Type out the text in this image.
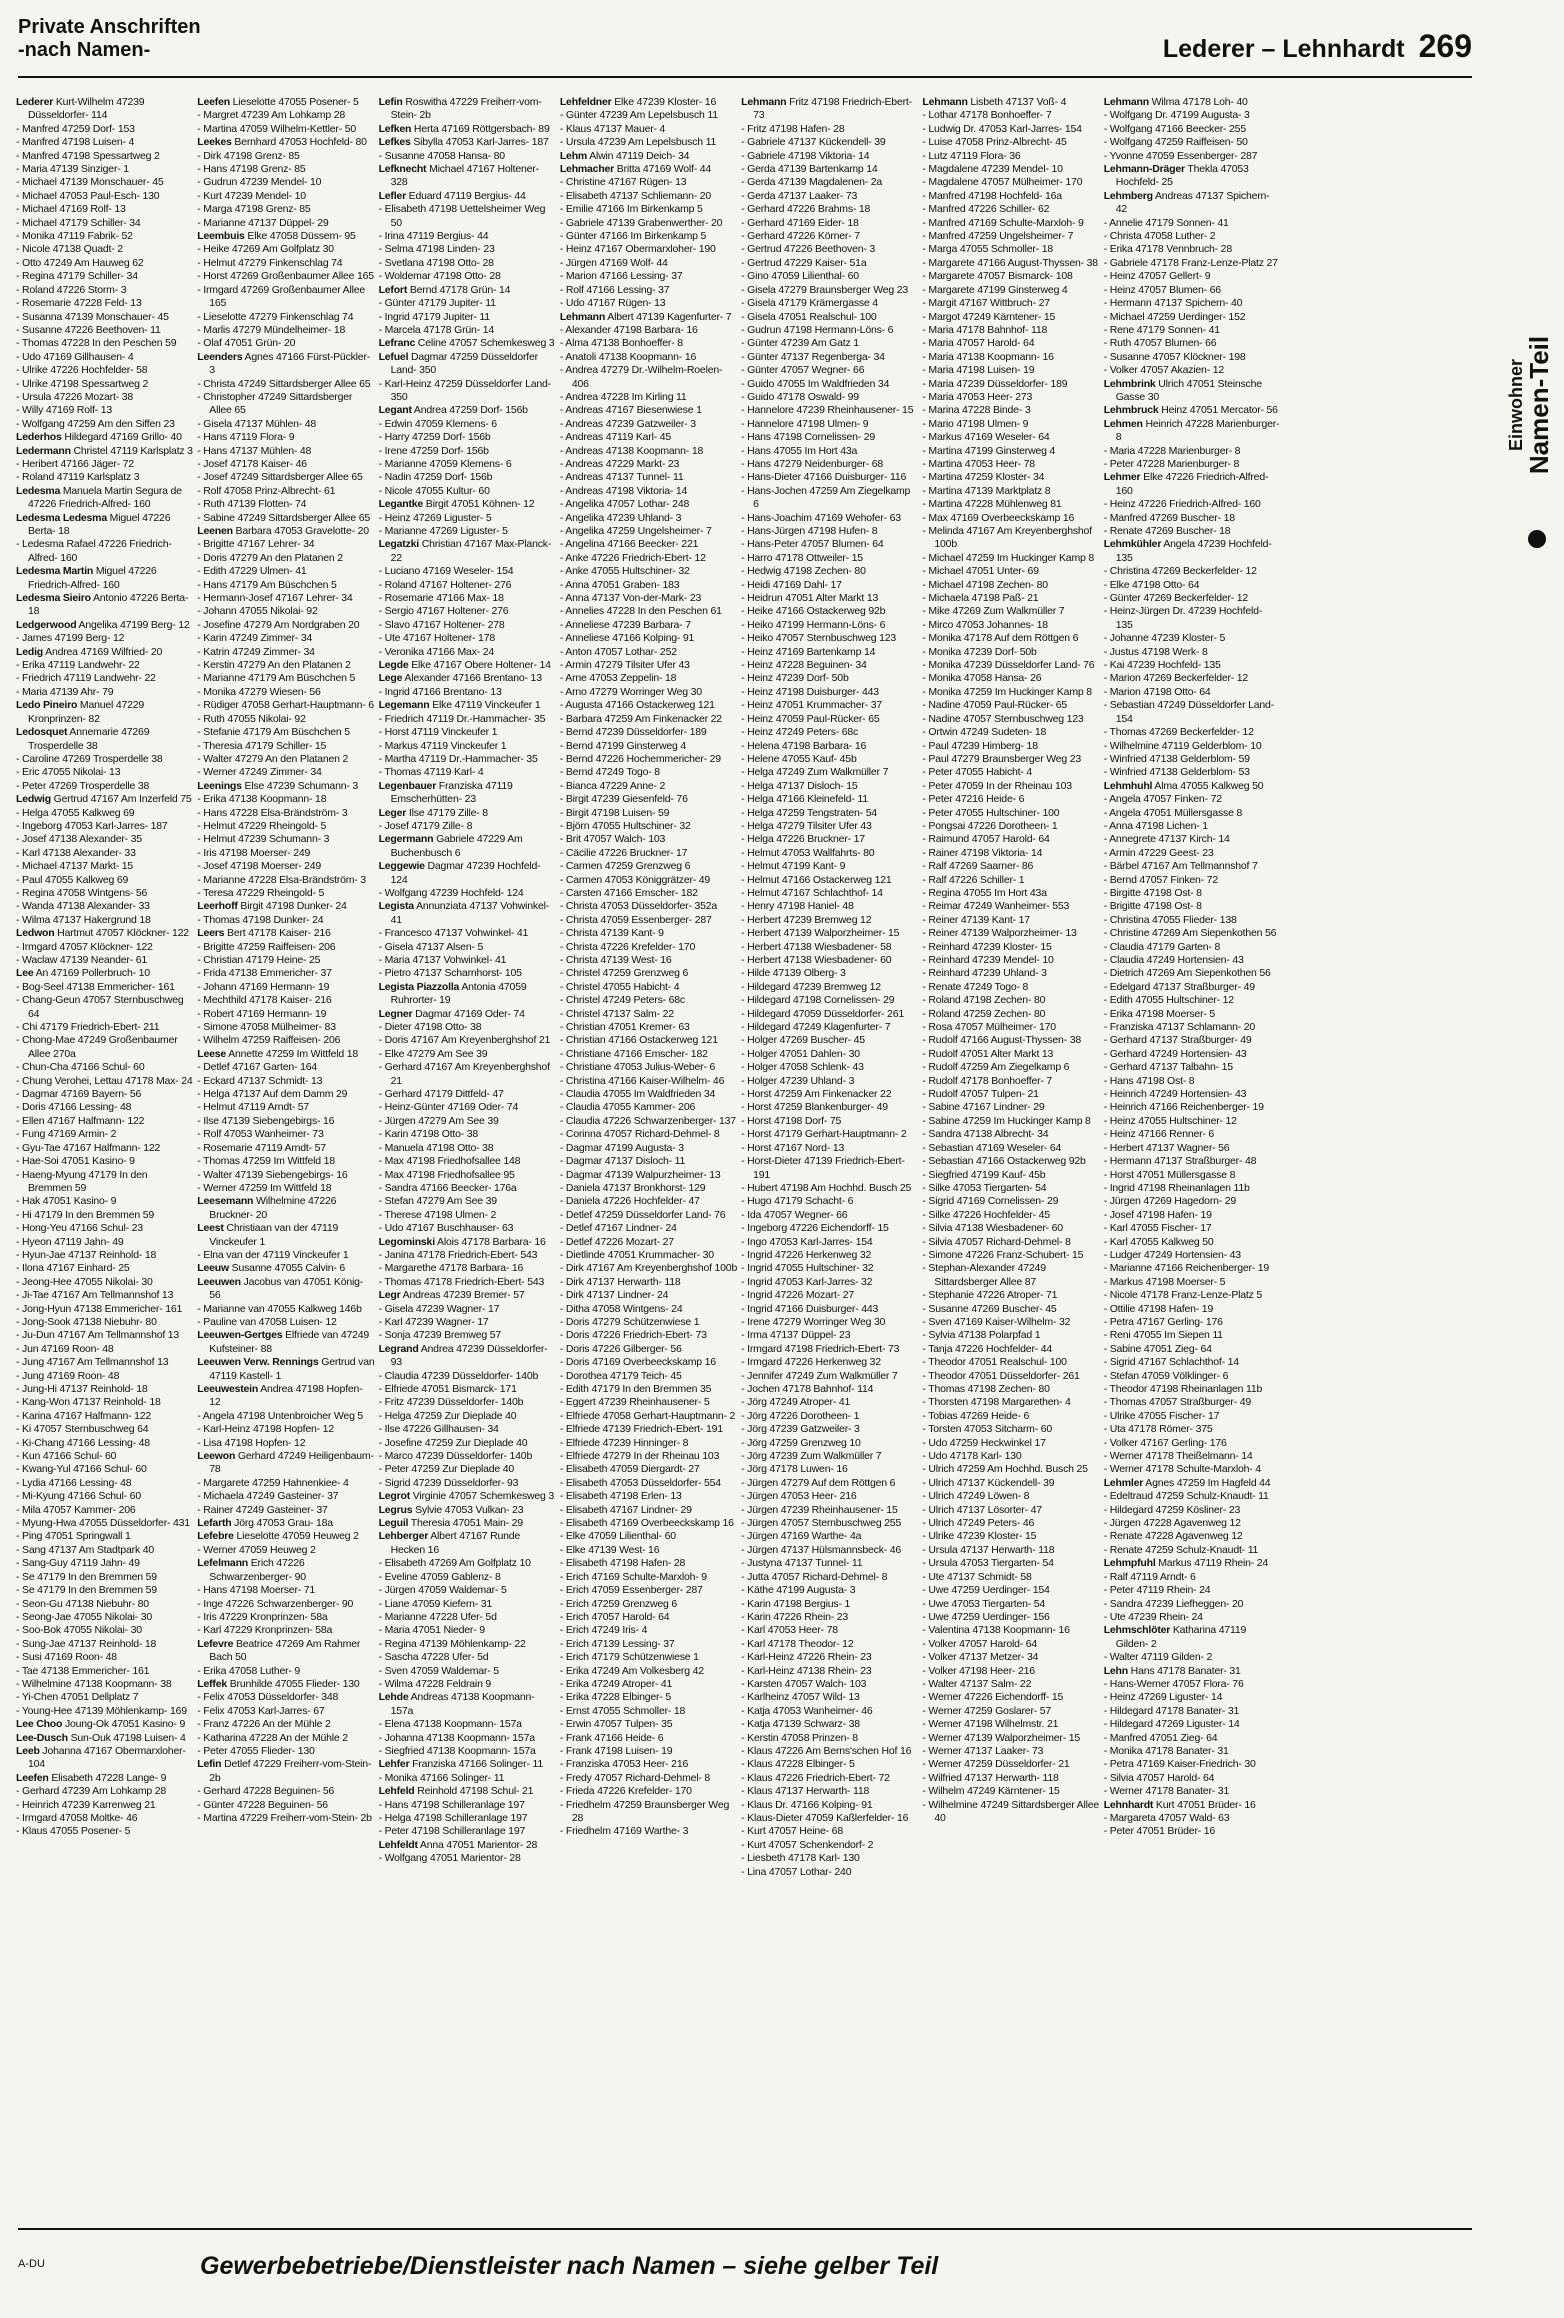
Private Anschriften
-nach Namen-	Lederer – Lehnhardt 269

Lederer Kurt-Wilhelm 47239 Düsseldorfer- 114

- Manfred 47259 Dorf- 153

- Manfred 47198 Luisen- 4

- Manfred 47198 Spessartweg 2

- Maria 47139 Sinziger- 1

- Michael 47139 Monschauer- 45

- Michael 47053 Paul-Esch- 130

- Michael 47169 Rolf- 13

- Michael 47179 Schiller- 34

- Monika 47119 Fabrik- 52

- Nicole 47138 Quadt- 2

- Otto 47249 Am Hauweg 62

- Regina 47179 Schiller- 34

- Roland 47226 Storm- 3

- Rosemarie 47228 Feld- 13

- Susanna 47139 Monschauer- 45

- Susanne 47226 Beethoven- 11

- Thomas 47228 In den Peschen 59

- Udo 47169 Gillhausen- 4

- Ulrike 47226 Hochfelder- 58

- Ulrike 47198 Spessartweg 2

- Ursula 47226 Mozart- 38

- Willy 47169 Rolf- 13

- Wolfgang 47259 Am den Siffen 23

Lederhos Hildegard 47169 Grillo- 40

Ledermann Christel 47119 Karlsplatz 3

- Heribert 47166 Jäger- 72

- Roland 47119 Karlsplatz 3

Ledesma Manuela Martin Segura de 47226 Friedrich-Alfred- 160

Ledesma Ledesma Miguel 47226 Berta- 18

- Ledesma Rafael 47226 Friedrich-Alfred- 160

Ledesma Martin Miguel 47226 Friedrich-Alfred- 160

Ledesma Sieiro Antonio 47226 Berta- 18

Ledgerwood Angelika 47199 Berg- 12

- James 47199 Berg- 12

Ledig Andrea 47169 Wilfried- 20

- Erika 47119 Landwehr- 22

- Friedrich 47119 Landwehr- 22

- Maria 47139 Ahr- 79

Ledo Pineiro Manuel 47229 Kronprinzen- 82

Ledosquet Annemarie 47269 Trosperdelle 38

- Caroline 47269 Trosperdelle 38

- Eric 47055 Nikolai- 13

- Peter 47269 Trosperdelle 38

Ledwig Gertrud 47167 Am Inzerfeld 75

- Helga 47055 Kalkweg 69

- Ingeborg 47053 Karl-Jarres- 187

- Josef 47138 Alexander- 35

- Karl 47138 Alexander- 33

- Michael 47137 Markt- 15

- Paul 47055 Kalkweg 69

- Regina 47058 Wintgens- 56

- Wanda 47138 Alexander- 33

- Wilma 47137 Hakergrund 18

Ledwon Hartmut 47057 Klöckner- 122

- Irmgard 47057 Klöckner- 122

- Waclaw 47139 Neander- 61

Lee An 47169 Pollerbruch- 10

- Bog-Seel 47138 Emmericher- 161

- Chang-Geun 47057 Sternbuschweg 64

- Chi 47179 Friedrich-Ebert- 211

- Chong-Mae 47249 Großenbaumer Allee 270a

- Chun-Cha 47166 Schul- 60

- Chung Verohei, Lettau 47178 Max- 24

- Dagmar 47169 Bayern- 56

- Doris 47166 Lessing- 48

- Ellen 47167 Halfmann- 122

- Fung 47169 Armin- 2

- Gyu-Tae 47167 Halfmann- 122

- Hae-Soi 47051 Kasino- 9

- Haeng-Myung 47179 In den Bremmen 59

- Hak 47051 Kasino- 9

- Hi 47179 In den Bremmen 59

- Hong-Yeu 47166 Schul- 23

- Hyeon 47119 Jahn- 49

- Hyun-Jae 47137 Reinhold- 18

- Ilona 47167 Einhard- 25

- Jeong-Hee 47055 Nikolai- 30

- Ji-Tae 47167 Am Tellmannshof 13

- Jong-Hyun 47138 Emmericher- 161

- Jong-Sook 47138 Niebuhr- 80

- Ju-Dun 47167 Am Tellmannshof 13

- Jun 47169 Roon- 48

- Jung 47167 Am Tellmannshof 13

- Jung 47169 Roon- 48

- Jung-Hi 47137 Reinhold- 18

- Kang-Won 47137 Reinhold- 18

- Karina 47167 Halfmann- 122

- Ki 47057 Sternbuschweg 64

- Ki-Chang 47166 Lessing- 48

- Kun 47166 Schul- 60

- Kwang-Yul 47166 Schul- 60

- Lydia 47166 Lessing- 48

- Mi-Kyung 47166 Schul- 60

- Mila 47057 Kammer- 206

- Myung-Hwa 47055 Düsseldorfer- 431

- Ping 47051 Springwall 1

- Sang 47137 Am Stadtpark 40

- Sang-Guy 47119 Jahn- 49

- Se 47179 In den Bremmen 59

- Se 47179 In den Bremmen 59

- Seon-Gu 47138 Niebuhr- 80

- Seong-Jae 47055 Nikolai- 30

- Soo-Bok 47055 Nikolai- 30

- Sung-Jae 47137 Reinhold- 18

- Susi 47169 Roon- 48

- Tae 47138 Emmericher- 161

- Wilhelmine 47138 Koopmann- 38

- Yi-Chen 47051 Dellplatz 7

- Young-Hee 47139 Möhlenkamp- 169

Lee Choo Joung-Ok 47051 Kasino- 9

Lee-Dusch Sun-Ouk 47198 Luisen- 4

Leeb Johanna 47167 Obermarxloher- 104

Leefen Elisabeth 47228 Lange- 9

- Gerhard 47239 Am Lohkamp 28

- Heinrich 47239 Karrenweg 21

- Irmgard 47058 Moltke- 46

- Klaus 47055 Posener- 5

Leefen Lieselotte 47055 Posener- 5

- Margret 47239 Am Lohkamp 28

- Martina 47059 Wilhelm-Kettler- 50

Leekes Bernhard 47053 Hochfeld- 80

- Dirk 47198 Grenz- 85

- Hans 47198 Grenz- 85

- Gudrun 47239 Mendel- 10

- Kurt 47239 Mendel- 10

- Marga 47198 Grenz- 85

- Marianne 47137 Düppel- 29

Leembuis Elke 47058 Düssern- 95

- Heike 47269 Am Golfplatz 30

- Helmut 47279 Finkenschlag 74

- Horst 47269 Großenbaumer Allee 165

- Irmgard 47269 Großenbaumer Allee 165

- Lieselotte 47279 Finkenschlag 74

- Marlis 47279 Mündelheimer- 18

- Olaf 47051 Grün- 20

Leenders Agnes 47166 Fürst-Pückler- 3

- Christa 47249 Sittardsberger Allee 65

- Christopher 47249 Sittardsberger Allee 65

- Gisela 47137 Mühlen- 48

- Hans 47119 Flora- 9

- Hans 47137 Mühlen- 48

- Josef 47178 Kaiser- 46

- Josef 47249 Sittardsberger Allee 65

- Rolf 47058 Prinz-Albrecht- 61

- Ruth 47139 Flotten- 74

- Sabine 47249 Sittardsberger Allee 65

Leenen Barbara 47053 Gravelotte- 20

- Brigitte 47167 Lehrer- 34

- Doris 47279 An den Platanen 2

- Edith 47229 Ulmen- 41

- Hans 47179 Am Büschchen 5

- Hermann-Josef 47167 Lehrer- 34

- Johann 47055 Nikolai- 92

- Josefine 47279 Am Nordgraben 20

- Karin 47249 Zimmer- 34

- Katrin 47249 Zimmer- 34

- Kerstin 47279 An den Platanen 2

- Marianne 47179 Am Büschchen 5

- Monika 47279 Wiesen- 56

- Rüdiger 47058 Gerhart-Hauptmann- 6

- Ruth 47055 Nikolai- 92

- Stefanie 47179 Am Büschchen 5

- Theresia 47179 Schiller- 15

- Walter 47279 An den Platanen 2

- Werner 47249 Zimmer- 34

Leenings Else 47239 Schumann- 3

- Erika 47138 Koopmann- 18

- Hans 47228 Elsa-Brändström- 3

- Helmut 47229 Rheingold- 5

- Helmut 47239 Schumann- 3

- Iris 47198 Moerser- 249

- Josef 47198 Moerser- 249

- Marianne 47228 Elsa-Brändström- 3

- Teresa 47229 Rheingold- 5

Leerhoff Birgit 47198 Dunker- 24

- Thomas 47198 Dunker- 24

Leers Bert 47178 Kaiser- 216

- Brigitte 47259 Raiffeisen- 206

- Christian 47179 Heine- 25

- Frida 47138 Emmericher- 37

- Johann 47169 Hermann- 19

- Mechthild 47178 Kaiser- 216

- Robert 47169 Hermann- 19

- Simone 47058 Mülheimer- 83

- Wilhelm 47259 Raiffeisen- 206

Leese Annette 47259 Im Wittfeld 18

- Detlef 47167 Garten- 164

- Eckard 47137 Schmidt- 13

- Helga 47137 Auf dem Damm 29

- Helmut 47119 Arndt- 57

- Ilse 47139 Siebengebirgs- 16

- Rolf 47053 Wanheimer- 73

- Rosemarie 47119 Arndt- 57

- Thomas 47259 Im Wittfeld 18

- Walter 47139 Siebengebirgs- 16

- Werner 47259 Im Wittfeld 18

Leesemann Wilhelmine 47226 Bruckner- 20

Leest Christiaan van der 47119 Vinckeufer 1

- Elna van der 47119 Vinckeufer 1

Leeuw Susanne 47055 Calvin- 6

Leeuwen Jacobus van 47051 König- 56

- Marianne van 47055 Kalkweg 146b

- Pauline van 47058 Luisen- 12

Leeuwen-Gertges Elfriede van 47249 Kufsteiner- 88

Leeuwen Verw. Rennings Gertrud van 47119 Kastell- 1

Leeuwestein Andrea 47198 Hopfen- 12

- Angela 47198 Untenbroicher Weg 5

- Karl-Heinz 47198 Hopfen- 12

- Lisa 47198 Hopfen- 12

Leewon Gerhard 47249 Heiligenbaum- 78

- Margarete 47259 Hahnenkiee- 4

- Michaela 47249 Gasteiner- 37

- Rainer 47249 Gasteiner- 37

Lefarth Jörg 47053 Grau- 18a

Lefebre Lieselotte 47059 Heuweg 2

- Werner 47059 Heuweg 2

Lefelmann Erich 47226 Schwarzenberger- 90

- Hans 47198 Moerser- 71

- Inge 47226 Schwarzenberger- 90

- Iris 47229 Kronprinzen- 58a

- Karl 47229 Kronprinzen- 58a

Lefevre Beatrice 47269 Am Rahmer Bach 50

- Erika 47058 Luther- 9

Leffek Brunhilde 47055 Flieder- 130

- Felix 47053 Düsseldorfer- 348

- Felix 47053 Karl-Jarres- 67

- Franz 47226 An der Mühle 2

- Katharina 47228 An der Mühle 2

- Peter 47055 Flieder- 130

Lefin Detlef 47229 Freiherr-vom-Stein- 2b

- Gerhard 47228 Beguinen- 56

- Günter 47228 Beguinen- 56

- Martina 47229 Freiherr-vom-Stein- 2b

Lefin Roswitha 47229 Freiherr-vom-Stein- 2b

Lefken Herta 47169 Röttgersbach- 89

Lefkes Sibylla 47053 Karl-Jarres- 187

- Susanne 47058 Hansa- 80

Lefknecht Michael 47167 Holtener- 328

Lefler Eduard 47119 Bergius- 44

- Elisabeth 47198 Uettelsheimer Weg 50

- Irina 47119 Bergius- 44

- Selma 47198 Linden- 23

- Svetlana 47198 Otto- 28

- Woldemar 47198 Otto- 28

Lefort Bernd 47178 Grün- 14

- Günter 47179 Jupiter- 11

- Ingrid 47179 Jupiter- 11

- Marcela 47178 Grün- 14

Lefranc Celine 47057 Schemkesweg 3

Lefuel Dagmar 47259 Düsseldorfer Land- 350

- Karl-Heinz 47259 Düsseldorfer Land- 350

Legant Andrea 47259 Dorf- 156b

- Edwin 47059 Klemens- 6

- Harry 47259 Dorf- 156b

- Irene 47259 Dorf- 156b

- Marianne 47059 Klemens- 6

- Nadin 47259 Dorf- 156b

- Nicole 47055 Kultur- 60

Legantke Birgit 47051 Köhnen- 12

- Heinz 47269 Liguster- 5

- Marianne 47269 Liguster- 5

Legatzki Christian 47167 Max-Planck- 22

- Luciano 47169 Weseler- 154

- Roland 47167 Holtener- 276

- Rosemarie 47166 Max- 18

- Sergio 47167 Holtener- 276

- Slavo 47167 Holtener- 278

- Ute 47167 Holtener- 178

- Veronika 47166 Max- 24

Legde Elke 47167 Obere Holtener- 14

Lege Alexander 47166 Brentano- 13

- Ingrid 47166 Brentano- 13

Legemann Elke 47119 Vinckeufer 1

- Friedrich 47119 Dr.-Hammacher- 35

- Horst 47119 Vinckeufer 1

- Markus 47119 Vinckeufer 1

- Martha 47119 Dr.-Hammacher- 35

- Thomas 47119 Karl- 4

Legenbauer Franziska 47119 Emscherhütten- 23

Leger Ilse 47179 Zille- 8

- Josef 47179 Zille- 8

Legermann Gabriele 47229 Am Buchenbusch 6

Leggewie Dagmar 47239 Hochfeld- 124

- Wolfgang 47239 Hochfeld- 124

Legista Annunziata 47137 Vohwinkel- 41

- Francesco 47137 Vohwinkel- 41

- Gisela 47137 Alsen- 5

- Maria 47137 Vohwinkel- 41

- Pietro 47137 Scharnhorst- 105

Legista Piazzolla Antonia 47059 Ruhrorter- 19

Legner Dagmar 47169 Oder- 74

- Dieter 47198 Otto- 38

- Doris 47167 Am Kreyenberghshof 21

- Elke 47279 Am See 39

- Gerhard 47167 Am Kreyenberghshof 21

- Gerhard 47179 Dittfeld- 47

- Heinz-Günter 47169 Oder- 74

- Jürgen 47279 Am See 39

- Karin 47198 Otto- 38

- Manuela 47198 Otto- 38

- Max 47198 Friedhofsallee 148

- Max 47198 Friedhofsallee 95

- Sandra 47166 Beecker- 176a

- Stefan 47279 Am See 39

- Therese 47198 Ulmen- 2

- Udo 47167 Buschhauser- 63

Legominski Alois 47178 Barbara- 16

- Janina 47178 Friedrich-Ebert- 543

- Margarethe 47178 Barbara- 16

- Thomas 47178 Friedrich-Ebert- 543

Legr Andreas 47239 Bremer- 57

- Gisela 47239 Wagner- 17

- Karl 47239 Wagner- 17

- Sonja 47239 Bremweg 57

Legrand Andrea 47239 Düsseldorfer- 93

- Claudia 47239 Düsseldorfer- 140b

- Elfriede 47051 Bismarck- 171

- Fritz 47239 Düsseldorfer- 140b

- Helga 47259 Zur Dieplade 40

- Ilse 47226 Gillhausen- 34

- Josefine 47259 Zur Dieplade 40

- Marco 47239 Düsseldorfer- 140b

- Peter 47259 Zur Dieplade 40

- Sigrid 47239 Düsseldorfer- 93

Legrot Virginie 47057 Schemkesweg 3

Legrus Sylvie 47053 Vulkan- 23

Leguil Theresia 47051 Main- 29

Lehberger Albert 47167 Runde Hecken 16

- Elisabeth 47269 Am Golfplatz 10

- Eveline 47059 Gablenz- 8

- Jürgen 47059 Waldemar- 5

- Liane 47059 Kiefern- 31

- Marianne 47228 Ufer- 5d

- Maria 47051 Nieder- 9

- Regina 47139 Möhlenkamp- 22

- Sascha 47228 Ufer- 5d

- Sven 47059 Waldemar- 5

- Wilma 47228 Feldrain 9

Lehde Andreas 47138 Koopmann- 157a

- Elena 47138 Koopmann- 157a

- Johanna 47138 Koopmann- 157a

- Siegfried 47138 Koopmann- 157a

Lehfer Franziska 47166 Solinger- 11

- Monika 47166 Solinger- 11

Lehfeld Reinhold 47198 Schul- 21

- Hans 47198 Schilleranlage 197

- Helga 47198 Schilleranlage 197

- Peter 47198 Schilleranlage 197

Lehfeldt Anna 47051 Marientor- 28

- Wolfgang 47051 Marientor- 28

Lehfeldner Elke 47239 Kloster- 16

- Günter 47239 Am Lepelsbusch 11

- Klaus 47137 Mauer- 4

- Ursula 47239 Am Lepelsbusch 11

Lehm Alwin 47119 Deich- 34

Lehmacher Britta 47169 Wolf- 44

- Christine 47167 Rügen- 13

- Elisabeth 47137 Schliemann- 20

- Emilie 47166 Im Birkenkamp 5

- Gabriele 47139 Grabenwerther- 20

- Günter 47166 Im Birkenkamp 5

- Heinz 47167 Obermarxloher- 190

- Jürgen 47169 Wolf- 44

- Marion 47166 Lessing- 37

- Rolf 47166 Lessing- 37

- Udo 47167 Rügen- 13

Lehmann Albert 47139 Kagenfurter- 7

- Alexander 47198 Barbara- 16

- Alma 47138 Bonhoeffer- 8

- Anatoli 47138 Koopmann- 16

- Andrea 47279 Dr.-Wilhelm-Roelen- 406

- Andrea 47228 Im Kirling 11

- Andreas 47167 Biesenwiese 1

- Andreas 47239 Gatzweiler- 3

- Andreas 47119 Karl- 45

- Andreas 47138 Koopmann- 18

- Andreas 47229 Markt- 23

- Andreas 47137 Tunnel- 11

- Andreas 47198 Viktoria- 14

- Angelika 47057 Lothar- 248

- Angelika 47239 Uhland- 3

- Angelika 47259 Ungelsheimer- 7

- Angelina 47166 Beecker- 221

- Anke 47226 Friedrich-Ebert- 12

- Anke 47055 Hultschiner- 32

- Anna 47051 Graben- 183

- Anna 47137 Von-der-Mark- 23

- Annelies 47228 In den Peschen 61

- Anneliese 47239 Barbara- 7

- Anneliese 47166 Kolping- 91

- Anton 47057 Lothar- 252

- Armin 47279 Tilsiter Ufer 43

- Arne 47053 Zeppelin- 18

- Arno 47279 Worringer Weg 30

- Augusta 47166 Ostackerweg 121

- Barbara 47259 Am Finkenacker 22

- Bernd 47239 Düsseldorfer- 189

- Bernd 47199 Ginsterweg 4

- Bernd 47226 Hochemmericher- 29

- Bernd 47249 Togo- 8

- Bianca 47229 Anne- 2

- Birgit 47239 Giesenfeld- 76

- Birgit 47198 Luisen- 59

- Björn 47055 Hultschiner- 32

- Brit 47057 Walch- 103

- Cäcilie 47226 Bruckner- 17

- Carmen 47259 Grenzweg 6

- Carmen 47053 Königgrätzer- 49

- Carsten 47166 Emscher- 182

- Christa 47053 Düsseldorfer- 352a

- Christa 47059 Essenberger- 287

- Christa 47139 Kant- 9

- Christa 47226 Krefelder- 170

- Christa 47139 West- 16

- Christel 47259 Grenzweg 6

- Christel 47055 Habicht- 4

- Christel 47249 Peters- 68c

- Christel 47137 Salm- 22

- Christian 47051 Kremer- 63

- Christian 47166 Ostackerweg 121

- Christiane 47166 Emscher- 182

- Christiane 47053 Julius-Weber- 6

- Christina 47166 Kaiser-Wilhelm- 46

- Claudia 47055 Im Waldfrieden 34

- Claudia 47055 Kammer- 206

- Claudia 47226 Schwarzenberger- 137

- Corinna 47057 Richard-Dehmel- 8

- Dagmar 47199 Augusta- 3

- Dagmar 47137 Disloch- 11

- Dagmar 47139 Walpurzheimer- 13

- Daniela 47137 Bronkhorst- 129

- Daniela 47226 Hochfelder- 47

- Detlef 47259 Düsseldorfer Land- 76

- Detlef 47167 Lindner- 24

- Detlef 47226 Mozart- 27

- Dietlinde 47051 Krummacher- 30

- Dirk 47167 Am Kreyenberghshof 100b

- Dirk 47137 Herwarth- 118

- Dirk 47137 Lindner- 24

- Ditha 47058 Wintgens- 24

- Doris 47279 Schützenwiese 1

- Doris 47226 Friedrich-Ebert- 73

- Doris 47226 Gilberger- 56

- Doris 47169 Overbeeckskamp 16

- Dorothea 47179 Teich- 45

- Edith 47179 In den Bremmen 35

- Eggert 47239 Rheinhausener- 5

- Elfriede 47058 Gerhart-Hauptmann- 2

- Elfriede 47139 Friedrich-Ebert- 191

- Elfriede 47239 Hinninger- 8

- Elfriede 47279 In der Rheinau 103

- Elisabeth 47059 Diergardt- 27

- Elisabeth 47053 Düsseldorfer- 554

- Elisabeth 47198 Erlen- 13

- Elisabeth 47167 Lindner- 29

- Elisabeth 47169 Overbeeckskamp 16

- Elke 47059 Lilienthal- 60

- Elke 47139 West- 16

- Elisabeth 47198 Hafen- 28

- Erich 47169 Schulte-Marxloh- 9

- Erich 47059 Essenberger- 287

- Erich 47259 Grenzweg 6

- Erich 47057 Harold- 64

- Erich 47249 Iris- 4

- Erich 47139 Lessing- 37

- Erich 47179 Schützenwiese 1

- Erika 47249 Am Volkesberg 42

- Erika 47249 Atroper- 41

- Erika 47228 Elbinger- 5

- Ernst 47055 Schmoller- 18

- Erwin 47057 Tulpen- 35

- Frank 47166 Heide- 6

- Frank 47198 Luisen- 19

- Franziska 47053 Heer- 216

- Fredy 47057 Richard-Dehmel- 8

- Frieda 47226 Krefelder- 170

- Friedhelm 47259 Braunsberger Weg 28

- Friedhelm 47169 Warthe- 3

Lehmann Fritz 47198 Friedrich-Ebert- 73

- Fritz 47198 Hafen- 28

- Gabriele 47137 Kückendell- 39

- Gabriele 47198 Viktoria- 14

- Gerda 47139 Bartenkamp 14

- Gerda 47139 Magdalenen- 2a

- Gerda 47137 Laaker- 73

- Gerhard 47226 Brahms- 18

- Gerhard 47169 Eider- 18

- Gerhard 47226 Körner- 7

- Gertrud 47226 Beethoven- 3

- Gertrud 47229 Kaiser- 51a

- Gino 47059 Lilienthal- 60

- Gisela 47279 Braunsberger Weg 23

- Gisela 47179 Krämergasse 4

- Gisela 47051 Realschul- 100

- Gudrun 47198 Hermann-Löns- 6

- Günter 47239 Am Gatz 1

- Günter 47137 Regenberga- 34

- Günter 47057 Wegner- 66

- Guido 47055 Im Waldfrieden 34

- Guido 47178 Oswald- 99

- Hannelore 47239 Rheinhausener- 15

- Hannelore 47198 Ulmen- 9

- Hans 47198 Cornelissen- 29

- Hans 47055 Im Hort 43a

- Hans 47279 Neidenburger- 68

- Hans-Dieter 47166 Duisburger- 116

- Hans-Jochen 47259 Am Ziegelkamp 6

- Hans-Joachim 47169 Wehofer- 63

- Hans-Jürgen 47198 Hufen- 8

- Hans-Peter 47057 Blumen- 64

- Harro 47178 Ottweiler- 15

- Hedwig 47198 Zechen- 80

- Heidi 47169 Dahl- 17

- Heidrun 47051 Alter Markt 13

- Heike 47166 Ostackerweg 92b

- Heiko 47199 Hermann-Löns- 6

- Heiko 47057 Sternbuschweg 123

- Heinz 47169 Bartenkamp 14

- Heinz 47228 Beguinen- 34

- Heinz 47239 Dorf- 50b

- Heinz 47198 Duisburger- 443

- Heinz 47051 Krummacher- 37

- Heinz 47059 Paul-Rücker- 65

- Heinz 47249 Peters- 68c

- Helena 47198 Barbara- 16

- Helene 47055 Kauf- 45b

- Helga 47249 Zum Walkmüller 7

- Helga 47137 Disloch- 15

- Helga 47166 Kleinefeld- 11

- Helga 47259 Tengstraten- 54

- Helga 47279 Tilsiter Ufer 43

- Helga 47226 Bruckner- 17

- Helmut 47053 Wallfahrts- 80

- Helmut 47199 Kant- 9

- Helmut 47166 Ostackerweg 121

- Helmut 47167 Schlachthof- 14

- Henry 47198 Haniel- 48

- Herbert 47239 Bremweg 12

- Herbert 47139 Walporzheimer- 15

- Herbert 47138 Wiesbadener- 58

- Herbert 47138 Wiesbadener- 60

- Hilde 47139 Olberg- 3

- Hildegard 47239 Bremweg 12

- Hildegard 47198 Cornelissen- 29

- Hildegard 47059 Düsseldorfer- 261

- Hildegard 47249 Klagenfurter- 7

- Holger 47269 Buscher- 45

- Holger 47051 Dahlen- 30

- Holger 47058 Schlenk- 43

- Holger 47239 Uhland- 3

- Horst 47259 Am Finkenacker 22

- Horst 47259 Blankenburger- 49

- Horst 47198 Dorf- 75

- Horst 47179 Gerhart-Hauptmann- 2

- Horst 47167 Nord- 13

- Horst-Dieter 47139 Friedrich-Ebert- 191

- Hubert 47198 Am Hochhd. Busch 25

- Hugo 47179 Schacht- 6

- Ida 47057 Wegner- 66

- Ingeborg 47226 Eichendorff- 15

- Ingo 47053 Karl-Jarres- 154

- Ingrid 47226 Herkenweg 32

- Ingrid 47055 Hultschiner- 32

- Ingrid 47053 Karl-Jarres- 32

- Ingrid 47226 Mozart- 27

- Ingrid 47166 Duisburger- 443

- Irene 47279 Worringer Weg 30

- Irma 47137 Düppel- 23

- Irmgard 47198 Friedrich-Ebert- 73

- Irmgard 47226 Herkenweg 32

- Jennifer 47249 Zum Walkmüller 7

- Jochen 47178 Bahnhof- 114

- Jörg 47249 Atroper- 41

- Jörg 47226 Dorotheen- 1

- Jörg 47239 Gatzweiler- 3

- Jörg 47259 Grenzweg 10

- Jörg 47239 Zum Walkmüller 7

- Jörg 47178 Luwen- 16

- Jürgen 47279 Auf dem Röttgen 6

- Jürgen 47053 Heer- 216

- Jürgen 47239 Rheinhausener- 15

- Jürgen 47057 Sternbuschweg 255

- Jürgen 47169 Warthe- 4a

- Jürgen 47137 Hülsmannsbeck- 46

- Justyna 47137 Tunnel- 11

- Jutta 47057 Richard-Dehmel- 8

- Käthe 47199 Augusta- 3

- Karin 47198 Bergius- 1

- Karin 47226 Rhein- 23

- Karl 47053 Heer- 78

- Karl 47178 Theodor- 12

- Karl-Heinz 47226 Rhein- 23

- Karl-Heinz 47138 Rhein- 23

- Karsten 47057 Walch- 103

- Karlheinz 47057 Wild- 13

- Katja 47053 Wanheimer- 46

- Katja 47139 Schwarz- 38

- Kerstin 47058 Prinzen- 8

- Klaus 47226 Am Berns'schen Hof 16

- Klaus 47228 Elbinger- 5

- Klaus 47226 Friedrich-Ebert- 72

- Klaus 47137 Herwarth- 118

- Klaus Dr. 47166 Kolping- 91

- Klaus-Dieter 47059 Kaßlerfelder- 16

- Kurt 47057 Heine- 68

- Kurt 47057 Schenkendorf- 2

- Liesbeth 47178 Karl- 130

- Lina 47057 Lothar- 240

Lehmann Lisbeth 47137 Voß- 4

- Lothar 47178 Bonhoeffer- 7

- Ludwig Dr. 47053 Karl-Jarres- 154

- Luise 47058 Prinz-Albrecht- 45

- Lutz 47119 Flora- 36

- Magdalene 47239 Mendel- 10

- Magdalene 47057 Mülheimer- 170

- Manfred 47198 Hochfeld- 16a

- Manfred 47226 Schiller- 62

- Manfred 47169 Schulte-Marxloh- 9

- Manfred 47259 Ungelsheimer- 7

- Marga 47055 Schmoller- 18

- Margarete 47166 August-Thyssen- 38

- Margarete 47057 Bismarck- 108

- Margarete 47199 Ginsterweg 4

- Margit 47167 Wittbruch- 27

- Margot 47249 Kärntener- 15

- Maria 47178 Bahnhof- 118

- Maria 47057 Harold- 64

- Maria 47138 Koopmann- 16

- Maria 47198 Luisen- 19

- Maria 47239 Düsseldorfer- 189

- Maria 47053 Heer- 273

- Marina 47228 Binde- 3

- Mario 47198 Ulmen- 9

- Markus 47169 Weseler- 64

- Martina 47199 Ginsterweg 4

- Martina 47053 Heer- 78

- Martina 47259 Kloster- 34

- Martina 47139 Marktplatz 8

- Martina 47228 Mühlenweg 81

- Max 47169 Overbeeckskamp 16

- Melinda 47167 Am Kreyenberghshof 100b

- Michael 47259 Im Huckinger Kamp 8

- Michael 47051 Unter- 69

- Michael 47198 Zechen- 80

- Michaela 47198 Paß- 21

- Mike 47269 Zum Walkmüller 7

- Mirco 47053 Johannes- 18

- Monika 47178 Auf dem Röttgen 6

- Monika 47239 Dorf- 50b

- Monika 47239 Düsseldorfer Land- 76

- Monika 47058 Hansa- 26

- Monika 47259 Im Huckinger Kamp 8

- Nadine 47059 Paul-Rücker- 65

- Nadine 47057 Sternbuschweg 123

- Ortwin 47249 Sudeten- 18

- Paul 47239 Himberg- 18

- Paul 47279 Braunsberger Weg 23

- Peter 47055 Habicht- 4

- Peter 47059 In der Rheinau 103

- Peter 47216 Heide- 6

- Peter 47055 Hultschiner- 100

- Pongsai 47226 Dorotheen- 1

- Raimund 47057 Harold- 64

- Rainer 47198 Viktoria- 14

- Ralf 47269 Saarner- 86

- Ralf 47226 Schiller- 1

- Regina 47055 Im Hort 43a

- Reimar 47249 Wanheimer- 553

- Reiner 47139 Kant- 17

- Reiner 47139 Walporzheimer- 13

- Reinhard 47239 Kloster- 15

- Reinhard 47239 Mendel- 10

- Reinhard 47239 Uhland- 3

- Renate 47249 Togo- 8

- Roland 47198 Zechen- 80

- Roland 47259 Zechen- 80

- Rosa 47057 Mülheimer- 170

- Rudolf 47166 August-Thyssen- 38

- Rudolf 47051 Alter Markt 13

- Rudolf 47259 Am Ziegelkamp 6

- Rudolf 47178 Bonhoeffer- 7

- Rudolf 47057 Tulpen- 21

- Sabine 47167 Lindner- 29

- Sabine 47259 Im Huckinger Kamp 8

- Sandra 47138 Albrecht- 34

- Sebastian 47169 Weseler- 64

- Sebastian 47166 Ostackerweg 92b

- Siegfried 47199 Kauf- 45b

- Silke 47053 Tiergarten- 54

- Sigrid 47169 Cornelissen- 29

- Silke 47226 Hochfelder- 45

- Silvia 47138 Wiesbadener- 60

- Silvia 47057 Richard-Dehmel- 8

- Simone 47226 Franz-Schubert- 15

- Stephan-Alexander 47249 Sittardsberger Allee 87

- Stephanie 47226 Atroper- 71

- Susanne 47269 Buscher- 45

- Sven 47169 Kaiser-Wilhelm- 32

- Sylvia 47138 Polarpfad 1

- Tanja 47226 Hochfelder- 44

- Theodor 47051 Realschul- 100

- Theodor 47051 Düsseldorfer- 261

- Thomas 47198 Zechen- 80

- Thorsten 47198 Margarethen- 4

- Tobias 47269 Heide- 6

- Torsten 47053 Sitcharm- 60

- Udo 47259 Heckwinkel 17

- Udo 47178 Karl- 130

- Ulrich 47259 Am Hochhd. Busch 25

- Ulrich 47137 Kückendell- 39

- Ulrich 47249 Löwen- 8

- Ulrich 47137 Lösorter- 47

- Ulrich 47249 Peters- 46

- Ulrike 47239 Kloster- 15

- Ursula 47137 Herwarth- 118

- Ursula 47053 Tiergarten- 54

- Ute 47137 Schmidt- 58

- Uwe 47259 Uerdinger- 154

- Uwe 47053 Tiergarten- 54

- Uwe 47259 Uerdinger- 156

- Valentina 47138 Koopmann- 16

- Volker 47057 Harold- 64

- Volker 47137 Metzer- 34

- Volker 47198 Heer- 216

- Walter 47137 Salm- 22

- Werner 47226 Eichendorff- 15

- Werner 47259 Goslarer- 57

- Werner 47198 Wilhelmstr. 21

- Werner 47139 Walporzheimer- 15

- Werner 47137 Laaker- 73

- Werner 47259 Düsseldorfer- 21

- Wilfried 47137 Herwarth- 118

- Wilhelm 47249 Kärntener- 15

- Wilhelmine 47249 Sittardsberger Allee 40

Lehmann Wilma 47178 Loh- 40

- Wolfgang Dr. 47199 Augusta- 3

- Wolfgang 47166 Beecker- 255

- Wolfgang 47259 Raiffeisen- 50

- Yvonne 47059 Essenberger- 287

Lehmann-Dräger Thekla 47053 Hochfeld- 25

Lehmberg Andreas 47137 Spichern- 42

- Annelie 47179 Sonnen- 41

- Christa 47058 Luther- 2

- Erika 47178 Vennbruch- 28

- Gabriele 47178 Franz-Lenze-Platz 27

- Heinz 47057 Gellert- 9

- Heinz 47057 Blumen- 66

- Hermann 47137 Spichern- 40

- Michael 47259 Uerdinger- 152

- Rene 47179 Sonnen- 41

- Ruth 47057 Blumen- 66

- Susanne 47057 Klöckner- 198

- Volker 47057 Akazien- 12

Lehmbrink Ulrich 47051 Steinsche Gasse 30

Lehmbruck Heinz 47051 Mercator- 56

Lehmen Heinrich 47228 Marienburger- 8

- Maria 47228 Marienburger- 8

- Peter 47228 Marienburger- 8

Lehmer Elke 47226 Friedrich-Alfred- 160

- Heinz 47226 Friedrich-Alfred- 160

- Manfred 47269 Buscher- 18

- Renate 47269 Buscher- 18

Lehmkühler Angela 47239 Hochfeld- 135

- Christina 47269 Beckerfelder- 12

- Elke 47198 Otto- 64

- Günter 47269 Beckerfelder- 12

- Heinz-Jürgen Dr. 47239 Hochfeld- 135

- Johanne 47239 Kloster- 5

- Justus 47198 Werk- 8

- Kai 47239 Hochfeld- 135

- Marion 47269 Beckerfelder- 12

- Marion 47198 Otto- 64

- Sebastian 47249 Düsseldorfer Land- 154

- Thomas 47269 Beckerfelder- 12

- Wilhelmine 47119 Gelderblom- 10

- Winfried 47138 Gelderblom- 59

- Winfried 47138 Gelderblom- 53

Lehmhuhl Alma 47055 Kalkweg 50

- Angela 47057 Finken- 72

- Angela 47051 Müllersgasse 8

- Anna 47198 Lichen- 1

- Annegrete 47137 Kirch- 14

- Armin 47229 Geest- 23

- Bärbel 47167 Am Tellmannshof 7

- Bernd 47057 Finken- 72

- Birgitte 47198 Ost- 8

- Brigitte 47198 Ost- 8

- Christina 47055 Flieder- 138

- Christine 47269 Am Siepenkothen 56

- Claudia 47179 Garten- 8

- Claudia 47249 Hortensien- 43

- Dietrich 47269 Am Siepenkothen 56

- Edelgard 47137 Straßburger- 49

- Edith 47055 Hultschiner- 12

- Erika 47198 Moerser- 5

- Franziska 47137 Schlamann- 20

- Gerhard 47137 Straßburger- 49

- Gerhard 47249 Hortensien- 43

- Gerhard 47137 Talbahn- 15

- Hans 47198 Ost- 8

- Heinrich 47249 Hortensien- 43

- Heinrich 47166 Reichenberger- 19

- Heinz 47055 Hultschiner- 12

- Heinz 47166 Renner- 6

- Herbert 47137 Wagner- 56

- Hermann 47137 Straßburger- 48

- Horst 47051 Müllersgasse 8

- Ingrid 47198 Rheinanlagen 11b

- Jürgen 47269 Hagedorn- 29

- Josef 47198 Hafen- 19

- Karl 47055 Fischer- 17

- Karl 47055 Kalkweg 50

- Ludger 47249 Hortensien- 43

- Marianne 47166 Reichenberger- 19

- Markus 47198 Moerser- 5

- Nicole 47178 Franz-Lenze-Platz 5

- Ottilie 47198 Hafen- 19

- Petra 47167 Gerling- 176

- Reni 47055 Im Siepen 11

- Sabine 47051 Zieg- 64

- Sigrid 47167 Schlachthof- 14

- Stefan 47059 Völklinger- 6

- Theodor 47198 Rheinanlagen 11b

- Thomas 47057 Straßburger- 49

- Ulrike 47055 Fischer- 17

- Uta 47178 Römer- 375

- Volker 47167 Gerling- 176

- Werner 47178 Theißelmann- 14

- Werner 47178 Schulte-Marxloh- 4

Lehmler Agnes 47259 Im Hagfeld 44

- Edeltraud 47259 Schulz-Knaudt- 11

- Hildegard 47259 Kösliner- 23

- Jürgen 47228 Agavenweg 12

- Renate 47228 Agavenweg 12

- Renate 47259 Schulz-Knaudt- 11

Lehmpfuhl Markus 47119 Rhein- 24

- Ralf 47119 Arndt- 6

- Peter 47119 Rhein- 24

- Sandra 47239 Liefheggen- 20

- Ute 47239 Rhein- 24

Lehmschlöter Katharina 47119 Gilden- 2

- Walter 47119 Gilden- 2

Lehn Hans 47178 Banater- 31

- Hans-Werner 47057 Flora- 76

- Heinz 47269 Liguster- 14

- Hildegard 47178 Banater- 31

- Hildegard 47269 Liguster- 14

- Manfred 47051 Zieg- 64

- Monika 47178 Banater- 31

- Petra 47169 Kaiser-Friedrich- 30

- Silvia 47057 Harold- 64

- Werner 47178 Banater- 31

Lehnhardt Kurt 47051 Brüder- 16

- Margareta 47057 Wald- 63

- Peter 47051 Brüder- 16

Einwohner
Namen-Teil
A-DU	Gewerbebetriebe/Dienstleister nach Namen – siehe gelber Teil
